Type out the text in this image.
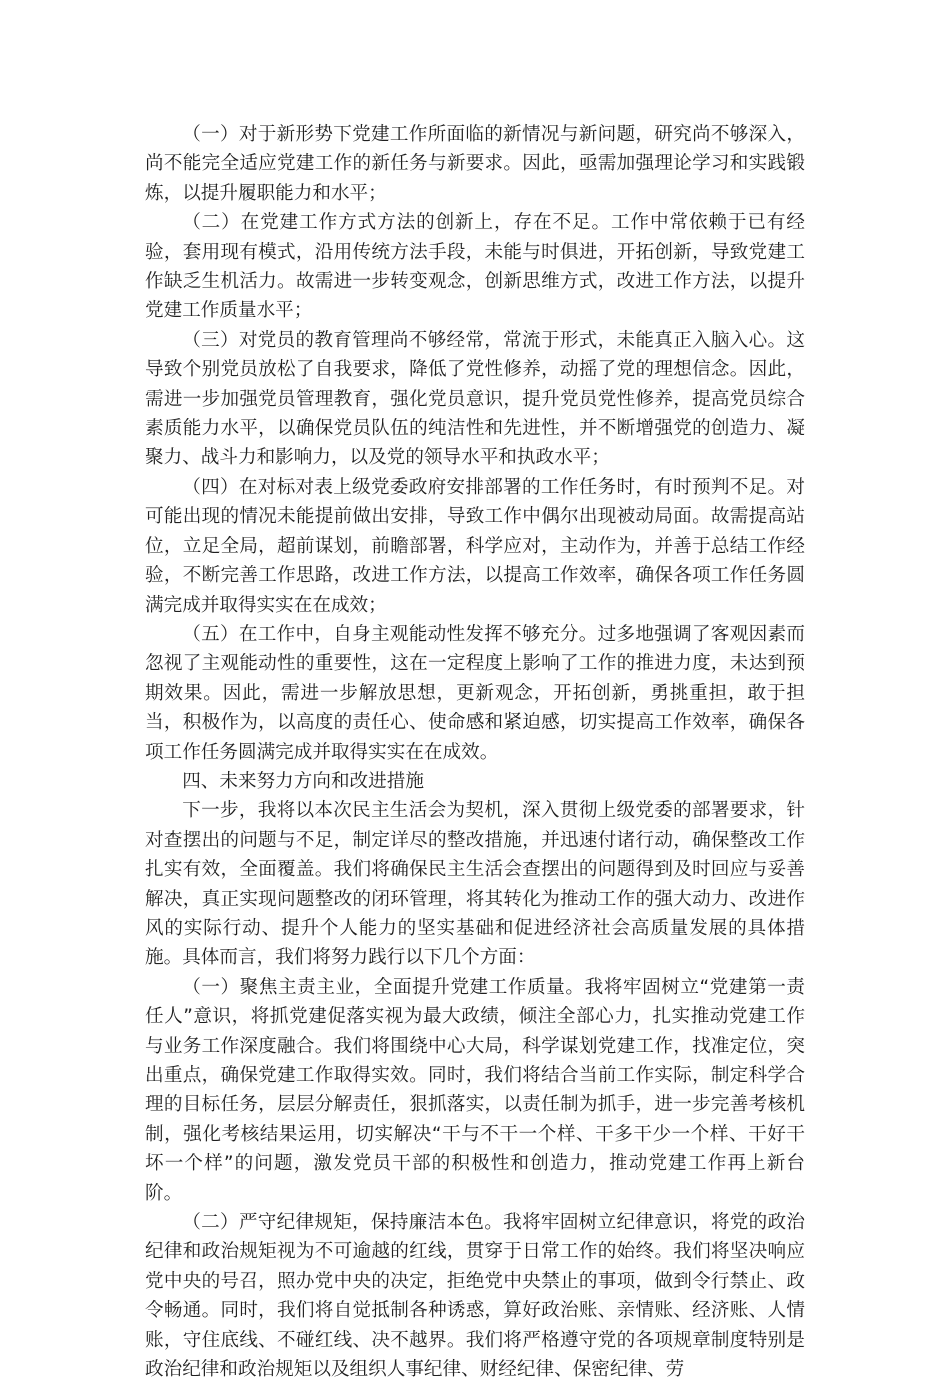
（一）对于新形势下党建工作所面临的新情况与新问题，研究尚不够深入，尚不能完全适应党建工作的新任务与新要求。因此，亟需加强理论学习和实践锻炼，以提升履职能力和水平；

（二）在党建工作方式方法的创新上，存在不足。工作中常依赖于已有经验，套用现有模式，沿用传统方法手段，未能与时俱进，开拓创新，导致党建工作缺乏生机活力。故需进一步转变观念，创新思维方式，改进工作方法，以提升党建工作质量水平；

（三）对党员的教育管理尚不够经常，常流于形式，未能真正入脑入心。这导致个别党员放松了自我要求，降低了党性修养，动摇了党的理想信念。因此，需进一步加强党员管理教育，强化党员意识，提升党员党性修养，提高党员综合素质能力水平，以确保党员队伍的纯洁性和先进性，并不断增强党的创造力、凝聚力、战斗力和影响力，以及党的领导水平和执政水平；

（四）在对标对表上级党委政府安排部署的工作任务时，有时预判不足。对可能出现的情况未能提前做出安排，导致工作中偶尔出现被动局面。故需提高站位，立足全局，超前谋划，前瞻部署，科学应对，主动作为，并善于总结工作经验，不断完善工作思路，改进工作方法，以提高工作效率，确保各项工作任务圆满完成并取得实实在在成效；

（五）在工作中，自身主观能动性发挥不够充分。过多地强调了客观因素而忽视了主观能动性的重要性，这在一定程度上影响了工作的推进力度，未达到预期效果。因此，需进一步解放思想，更新观念，开拓创新，勇挑重担，敢于担当，积极作为，以高度的责任心、使命感和紧迫感，切实提高工作效率，确保各项工作任务圆满完成并取得实实在在成效。

四、未来努力方向和改进措施

下一步，我将以本次民主生活会为契机，深入贯彻上级党委的部署要求，针对查摆出的问题与不足，制定详尽的整改措施，并迅速付诸行动，确保整改工作扎实有效，全面覆盖。我们将确保民主生活会查摆出的问题得到及时回应与妥善解决，真正实现问题整改的闭环管理，将其转化为推动工作的强大动力、改进作风的实际行动、提升个人能力的坚实基础和促进经济社会高质量发展的具体措施。具体而言，我们将努力践行以下几个方面：

（一）聚焦主责主业，全面提升党建工作质量。我将牢固树立“党建第一责任人”意识，将抓党建促落实视为最大政绩，倾注全部心力，扎实推动党建工作与业务工作深度融合。我们将围绕中心大局，科学谋划党建工作，找准定位，突出重点，确保党建工作取得实效。同时，我们将结合当前工作实际，制定科学合理的目标任务，层层分解责任，狠抓落实，以责任制为抓手，进一步完善考核机制，强化考核结果运用，切实解决“干与不干一个样、干多干少一个样、干好干坏一个样”的问题，激发党员干部的积极性和创造力，推动党建工作再上新台阶。

（二）严守纪律规矩，保持廉洁本色。我将牢固树立纪律意识，将党的政治纪律和政治规矩视为不可逾越的红线，贯穿于日常工作的始终。我们将坚决响应党中央的号召，照办党中央的决定，拒绝党中央禁止的事项，做到令行禁止、政令畅通。同时，我们将自觉抵制各种诱惑，算好政治账、亲情账、经济账、人情账，守住底线、不碰红线、决不越界。我们将严格遵守党的各项规章制度特别是政治纪律和政治规矩以及组织人事纪律、财经纪律、保密纪律、劳
